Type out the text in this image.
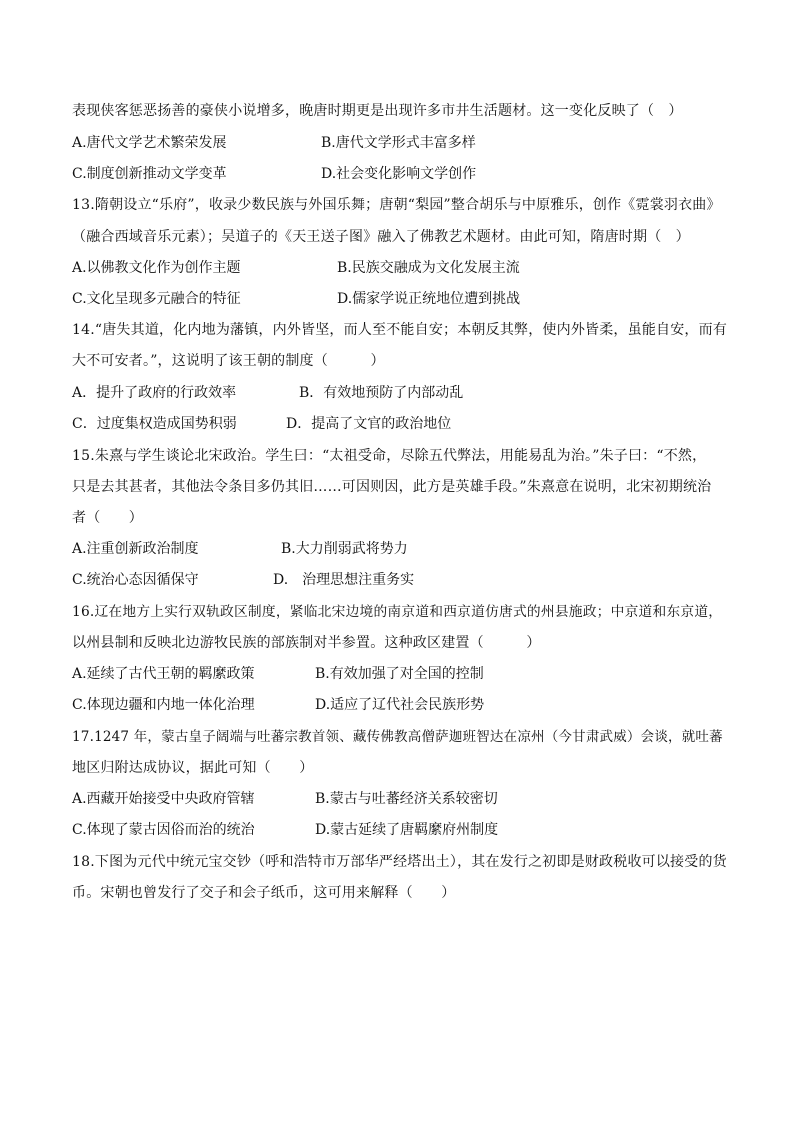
表现侠客惩恶扬善的豪侠小说增多，晚唐时期更是出现许多市井生活题材。这一变化反映了（　）
A.唐代文学艺术繁荣发展	B.唐代文学形式丰富多样
C.制度创新推动文学变革	D.社会变化影响文学创作
13.隋朝设立“乐府”，收录少数民族与外国乐舞；唐朝“梨园”整合胡乐与中原雅乐，创作《霓裳羽衣曲》
（融合西域音乐元素）；吴道子的《天王送子图》融入了佛教艺术题材。由此可知，隋唐时期（　）
A.以佛教文化作为创作主题	B.民族交融成为文化发展主流
C.文化呈现多元融合的特征	D.儒家学说正统地位遭到挑战
14.“唐失其道，化内地为藩镇，内外皆坚，而人至不能自安；本朝反其弊，使内外皆柔，虽能自安，而有
大不可安者。”，这说明了该王朝的制度（　　　）
A．提升了政府的行政效率	B．有效地预防了内部动乱
C．过度集权造成国势积弱	D．提高了文官的政治地位
15.朱熹与学生谈论北宋政治。学生曰：“太祖受命，尽除五代弊法，用能易乱为治。”朱子曰：“不然，
只是去其甚者，其他法令条目多仍其旧……可因则因，此方是英雄手段。”朱熹意在说明，北宋初期统治
者（　　）
A.注重创新政治制度	B.大力削弱武将势力
C.统治心态因循保守	D.　治理思想注重务实
16.辽在地方上实行双轨政区制度，紧临北宋边境的南京道和西京道仿唐式的州县施政；中京道和东京道，
以州县制和反映北边游牧民族的部族制对半参置。这种政区建置（　　　）
A.延续了古代王朝的羁縻政策	B.有效加强了对全国的控制
C.体现边疆和内地一体化治理	D.适应了辽代社会民族形势
17.1247 年，蒙古皇子阔端与吐蕃宗教首领、藏传佛教高僧萨迦班智达在凉州（今甘肃武威）会谈，就吐蕃
地区归附达成协议，据此可知（　　）
A.西藏开始接受中央政府管辖	B.蒙古与吐蕃经济关系较密切
C.体现了蒙古因俗而治的统治	D.蒙古延续了唐羁縻府州制度
18.下图为元代中统元宝交钞（呼和浩特市万部华严经塔出土），其在发行之初即是财政税收可以接受的货
币。宋朝也曾发行了交子和会子纸币，这可用来解释（　　）
